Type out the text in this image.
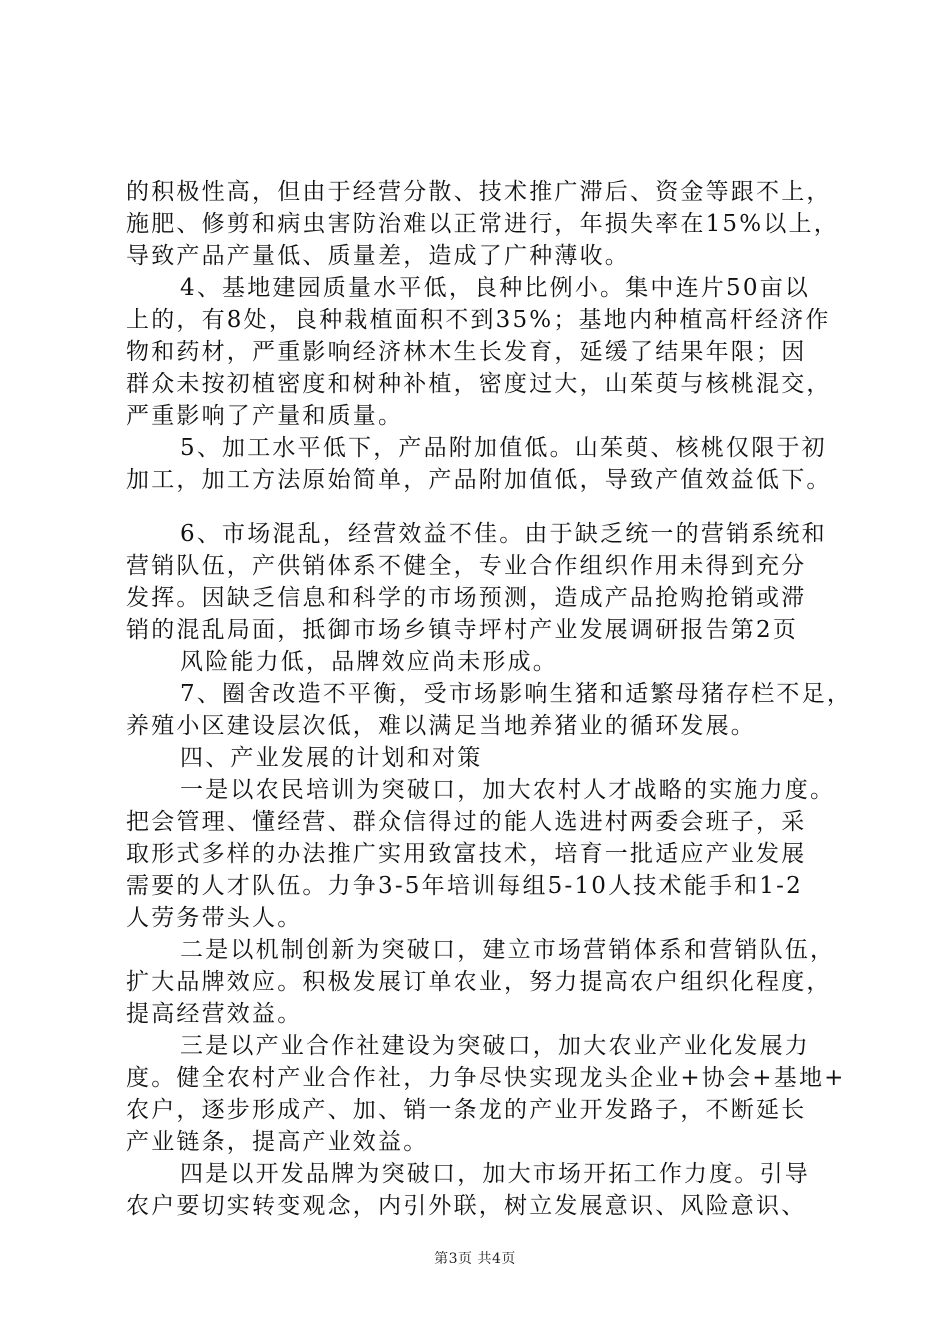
的积极性高，但由于经营分散、技术推广滞后、资金等跟不上，
施肥、修剪和病虫害防治难以正常进行，年损失率在15%以上，
导致产品产量低、质量差，造成了广种薄收。
4、基地建园质量水平低，良种比例小。集中连片50亩以
上的，有8处，良种栽植面积不到35%；基地内种植高杆经济作
物和药材，严重影响经济林木生长发育，延缓了结果年限；因
群众未按初植密度和树种补植，密度过大，山茱萸与核桃混交，
严重影响了产量和质量。
5、加工水平低下，产品附加值低。山茱萸、核桃仅限于初
加工，加工方法原始简单，产品附加值低，导致产值效益低下。
6、市场混乱，经营效益不佳。由于缺乏统一的营销系统和
营销队伍，产供销体系不健全，专业合作组织作用未得到充分
发挥。因缺乏信息和科学的市场预测，造成产品抢购抢销或滞
销的混乱局面，抵御市场乡镇寺坪村产业发展调研报告第2页
风险能力低，品牌效应尚未形成。
7、圈舍改造不平衡，受市场影响生猪和适繁母猪存栏不足，
养殖小区建设层次低，难以满足当地养猪业的循环发展。
四、产业发展的计划和对策
一是以农民培训为突破口，加大农村人才战略的实施力度。
把会管理、懂经营、群众信得过的能人选进村两委会班子，采
取形式多样的办法推广实用致富技术，培育一批适应产业发展
需要的人才队伍。力争3-5年培训每组5-10人技术能手和1-2
人劳务带头人。
二是以机制创新为突破口，建立市场营销体系和营销队伍，
扩大品牌效应。积极发展订单农业，努力提高农户组织化程度，
提高经营效益。
三是以产业合作社建设为突破口，加大农业产业化发展力
度。健全农村产业合作社，力争尽快实现龙头企业+协会+基地+
农户，逐步形成产、加、销一条龙的产业开发路子，不断延长
产业链条，提高产业效益。
四是以开发品牌为突破口，加大市场开拓工作力度。引导
农户要切实转变观念，内引外联，树立发展意识、风险意识、
第3页 共4页
